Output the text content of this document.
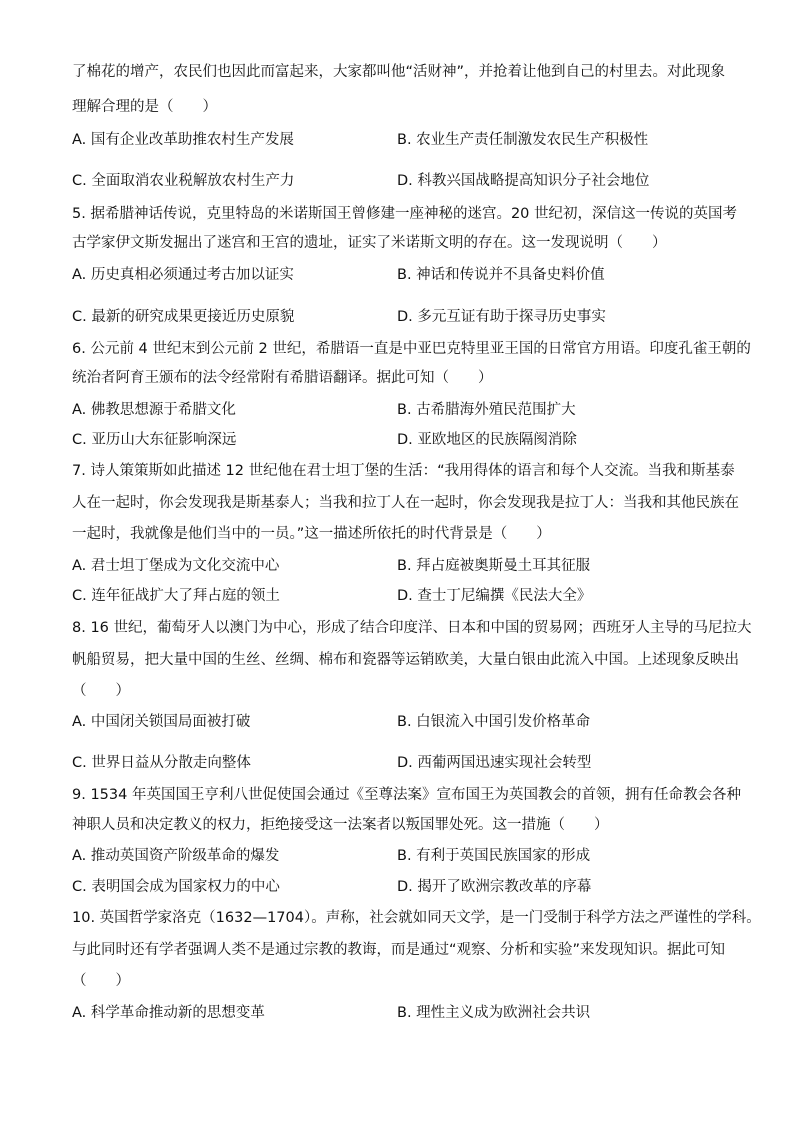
了棉花的增产，农民们也因此而富起来，大家都叫他“活财神”，并抢着让他到自己的村里去。对此现象
理解合理的是（　　）
A. 国有企业改革助推农村生产发展	B. 农业生产责任制激发农民生产积极性
C. 全面取消农业税解放农村生产力	D. 科教兴国战略提高知识分子社会地位
5. 据希腊神话传说，克里特岛的米诺斯国王曾修建一座神秘的迷宫。20 世纪初，深信这一传说的英国考
古学家伊文斯发掘出了迷宫和王宫的遗址，证实了米诺斯文明的存在。这一发现说明（　　）
A. 历史真相必须通过考古加以证实	B. 神话和传说并不具备史料价值
C. 最新的研究成果更接近历史原貌	D. 多元互证有助于探寻历史事实
6. 公元前 4 世纪末到公元前 2 世纪，希腊语一直是中亚巴克特里亚王国的日常官方用语。印度孔雀王朝的
统治者阿育王颁布的法令经常附有希腊语翻译。据此可知（　　）
A. 佛教思想源于希腊文化	B. 古希腊海外殖民范围扩大
C. 亚历山大东征影响深远	D. 亚欧地区的民族隔阂消除
7. 诗人策策斯如此描述 12 世纪他在君士坦丁堡的生活：“我用得体的语言和每个人交流。当我和斯基泰
人在一起时，你会发现我是斯基泰人；当我和拉丁人在一起时，你会发现我是拉丁人：当我和其他民族在
一起时，我就像是他们当中的一员。”这一描述所依托的时代背景是（　　）
A. 君士坦丁堡成为文化交流中心	B. 拜占庭被奥斯曼土耳其征服
C. 连年征战扩大了拜占庭的领土	D. 查士丁尼编撰《民法大全》
8. 16 世纪，葡萄牙人以澳门为中心，形成了结合印度洋、日本和中国的贸易网；西班牙人主导的马尼拉大
帆船贸易，把大量中国的生丝、丝绸、棉布和瓷器等运销欧美，大量白银由此流入中国。上述现象反映出
（　　）
A. 中国闭关锁国局面被打破	B. 白银流入中国引发价格革命
C. 世界日益从分散走向整体	D. 西葡两国迅速实现社会转型
9. 1534 年英国国王亨利八世促使国会通过《至尊法案》宣布国王为英国教会的首领，拥有任命教会各种
神职人员和决定教义的权力，拒绝接受这一法案者以叛国罪处死。这一措施（　　）
A. 推动英国资产阶级革命的爆发	B. 有利于英国民族国家的形成
C. 表明国会成为国家权力的中心	D. 揭开了欧洲宗教改革的序幕
10. 英国哲学家洛克（1632—1704）。声称，社会就如同天文学，是一门受制于科学方法之严谨性的学科。
与此同时还有学者强调人类不是通过宗教的教诲，而是通过“观察、分析和实验”来发现知识。据此可知
（　　）
A. 科学革命推动新的思想变革	B. 理性主义成为欧洲社会共识
